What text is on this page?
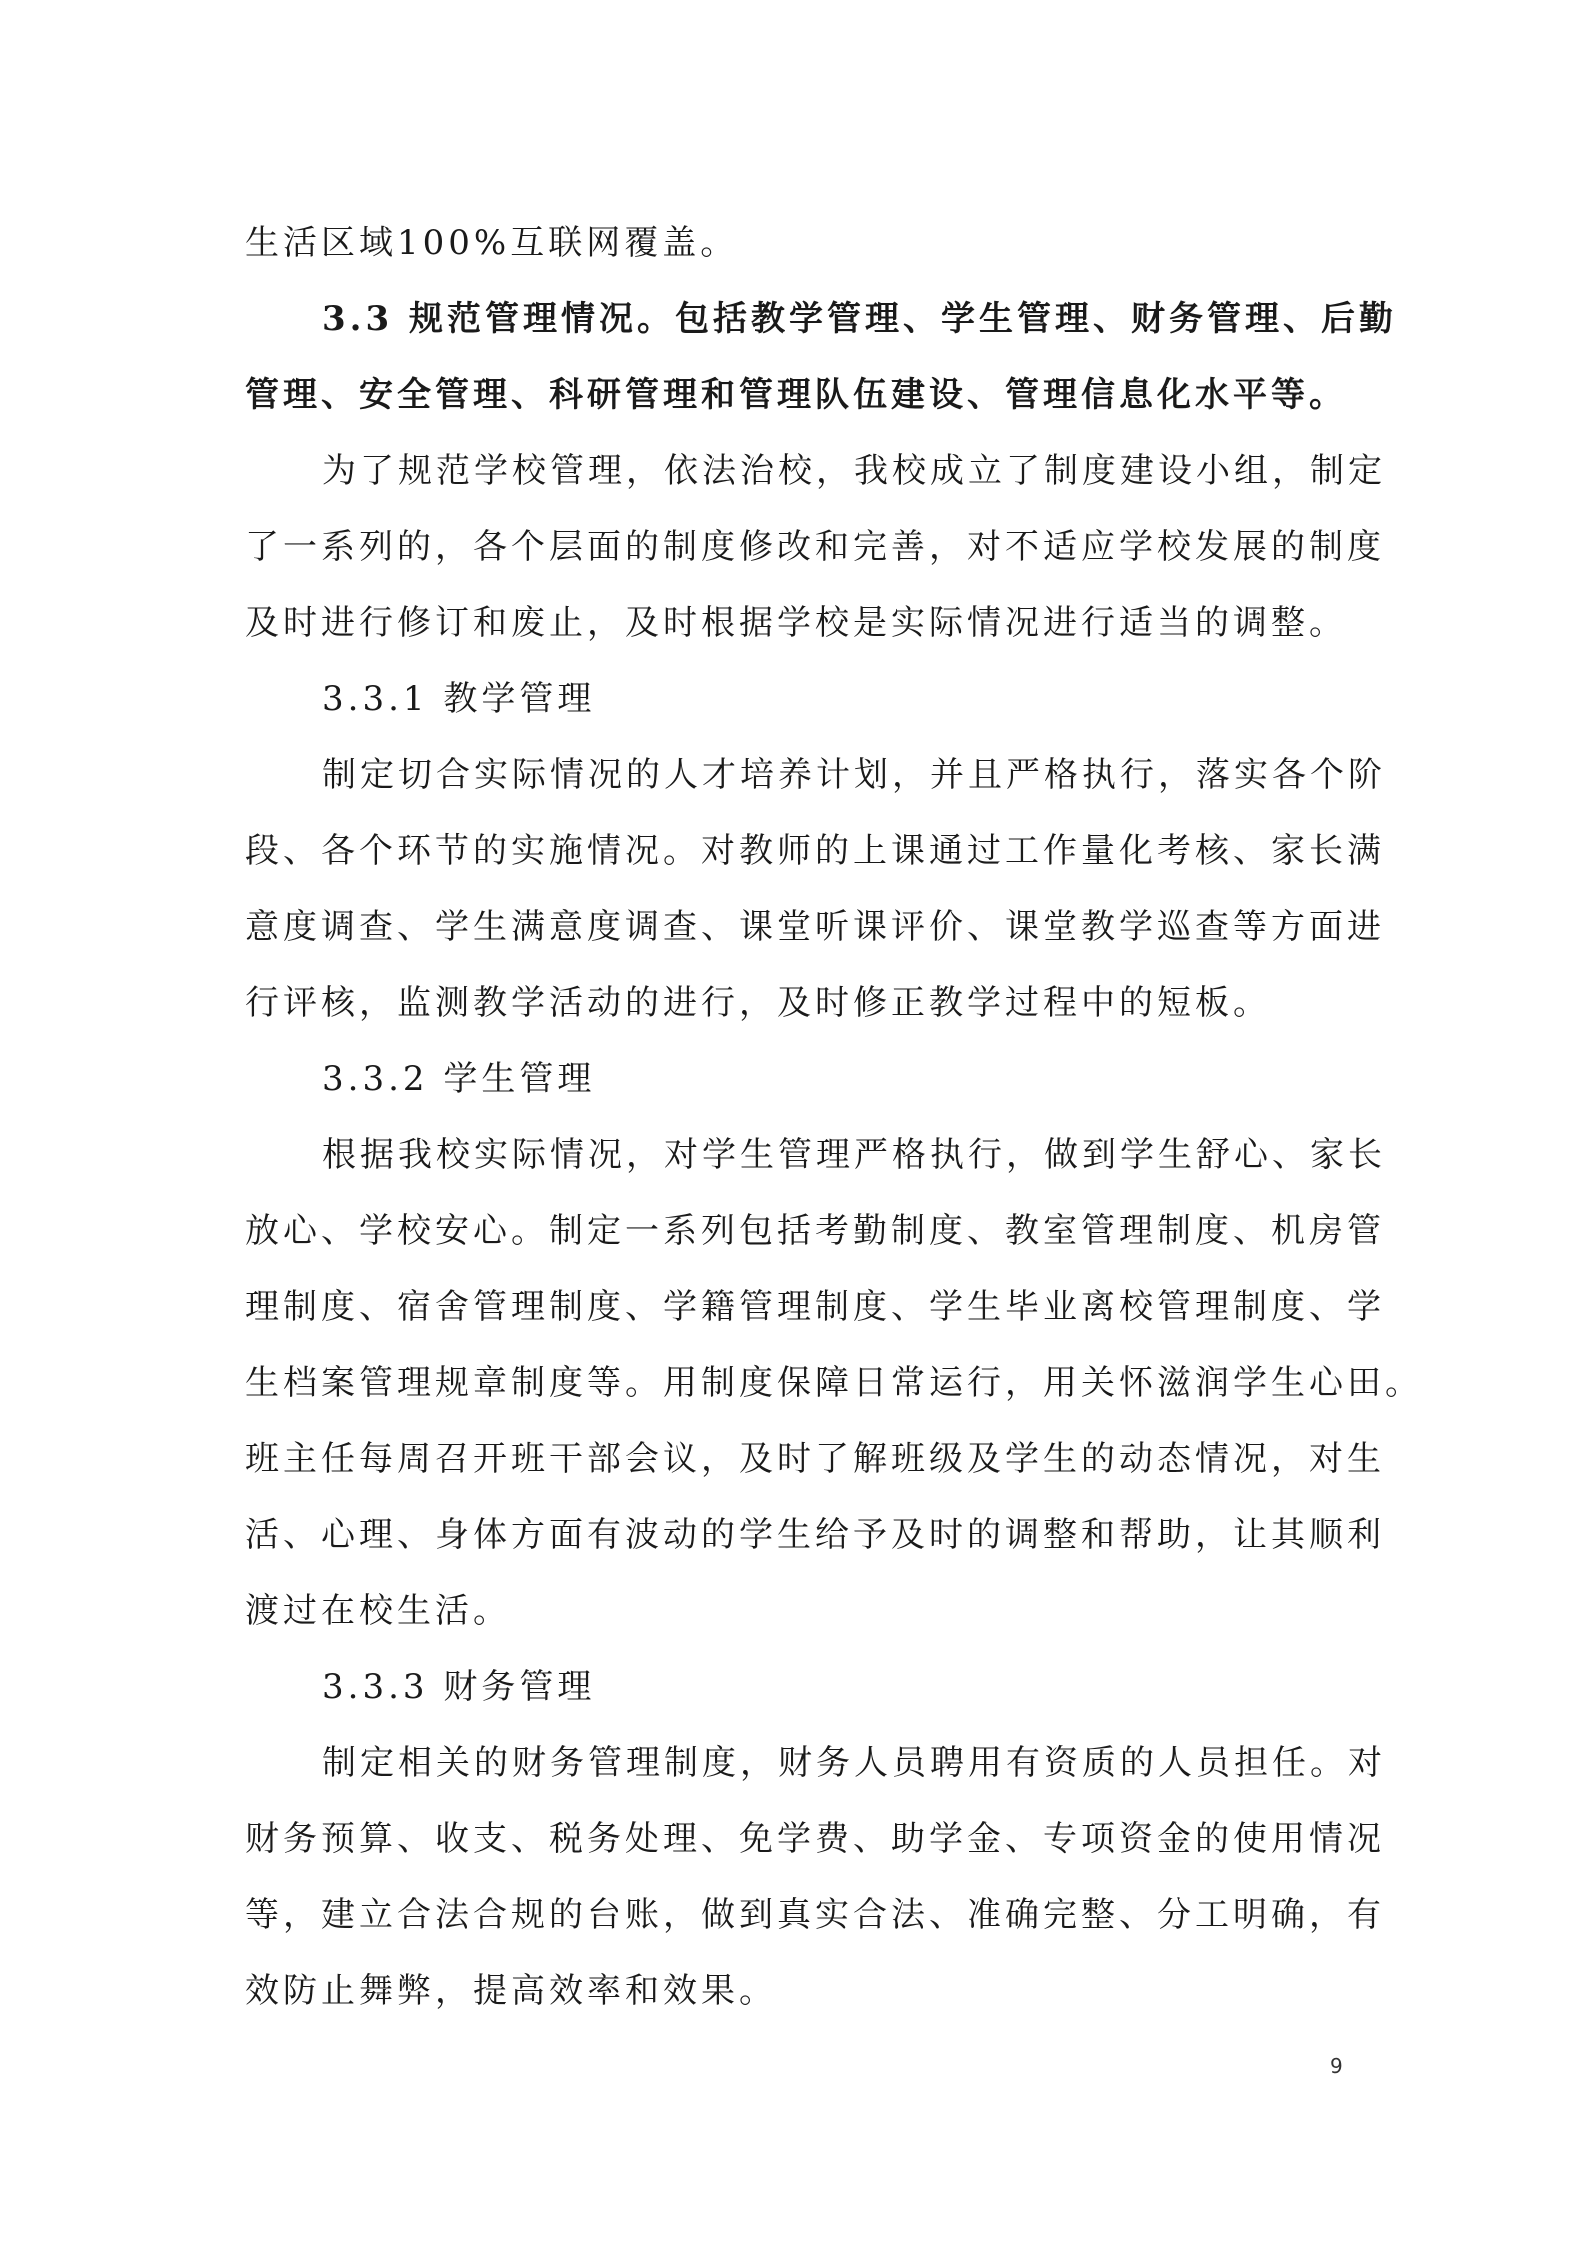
生活区域100%互联网覆盖。
3.3 规范管理情况。包括教学管理、学生管理、财务管理、后勤
管理、安全管理、科研管理和管理队伍建设、管理信息化水平等。
为了规范学校管理，依法治校，我校成立了制度建设小组，制定
了一系列的，各个层面的制度修改和完善，对不适应学校发展的制度
及时进行修订和废止，及时根据学校是实际情况进行适当的调整。
3.3.1 教学管理
制定切合实际情况的人才培养计划，并且严格执行，落实各个阶
段、各个环节的实施情况。对教师的上课通过工作量化考核、家长满
意度调查、学生满意度调查、课堂听课评价、课堂教学巡查等方面进
行评核，监测教学活动的进行，及时修正教学过程中的短板。
3.3.2 学生管理
根据我校实际情况，对学生管理严格执行，做到学生舒心、家长
放心、学校安心。制定一系列包括考勤制度、教室管理制度、机房管
理制度、宿舍管理制度、学籍管理制度、学生毕业离校管理制度、学
生档案管理规章制度等。用制度保障日常运行，用关怀滋润学生心田。
班主任每周召开班干部会议，及时了解班级及学生的动态情况，对生
活、心理、身体方面有波动的学生给予及时的调整和帮助，让其顺利
渡过在校生活。
3.3.3 财务管理
制定相关的财务管理制度，财务人员聘用有资质的人员担任。对
财务预算、收支、税务处理、免学费、助学金、专项资金的使用情况
等，建立合法合规的台账，做到真实合法、准确完整、分工明确，有
效防止舞弊，提高效率和效果。
9
